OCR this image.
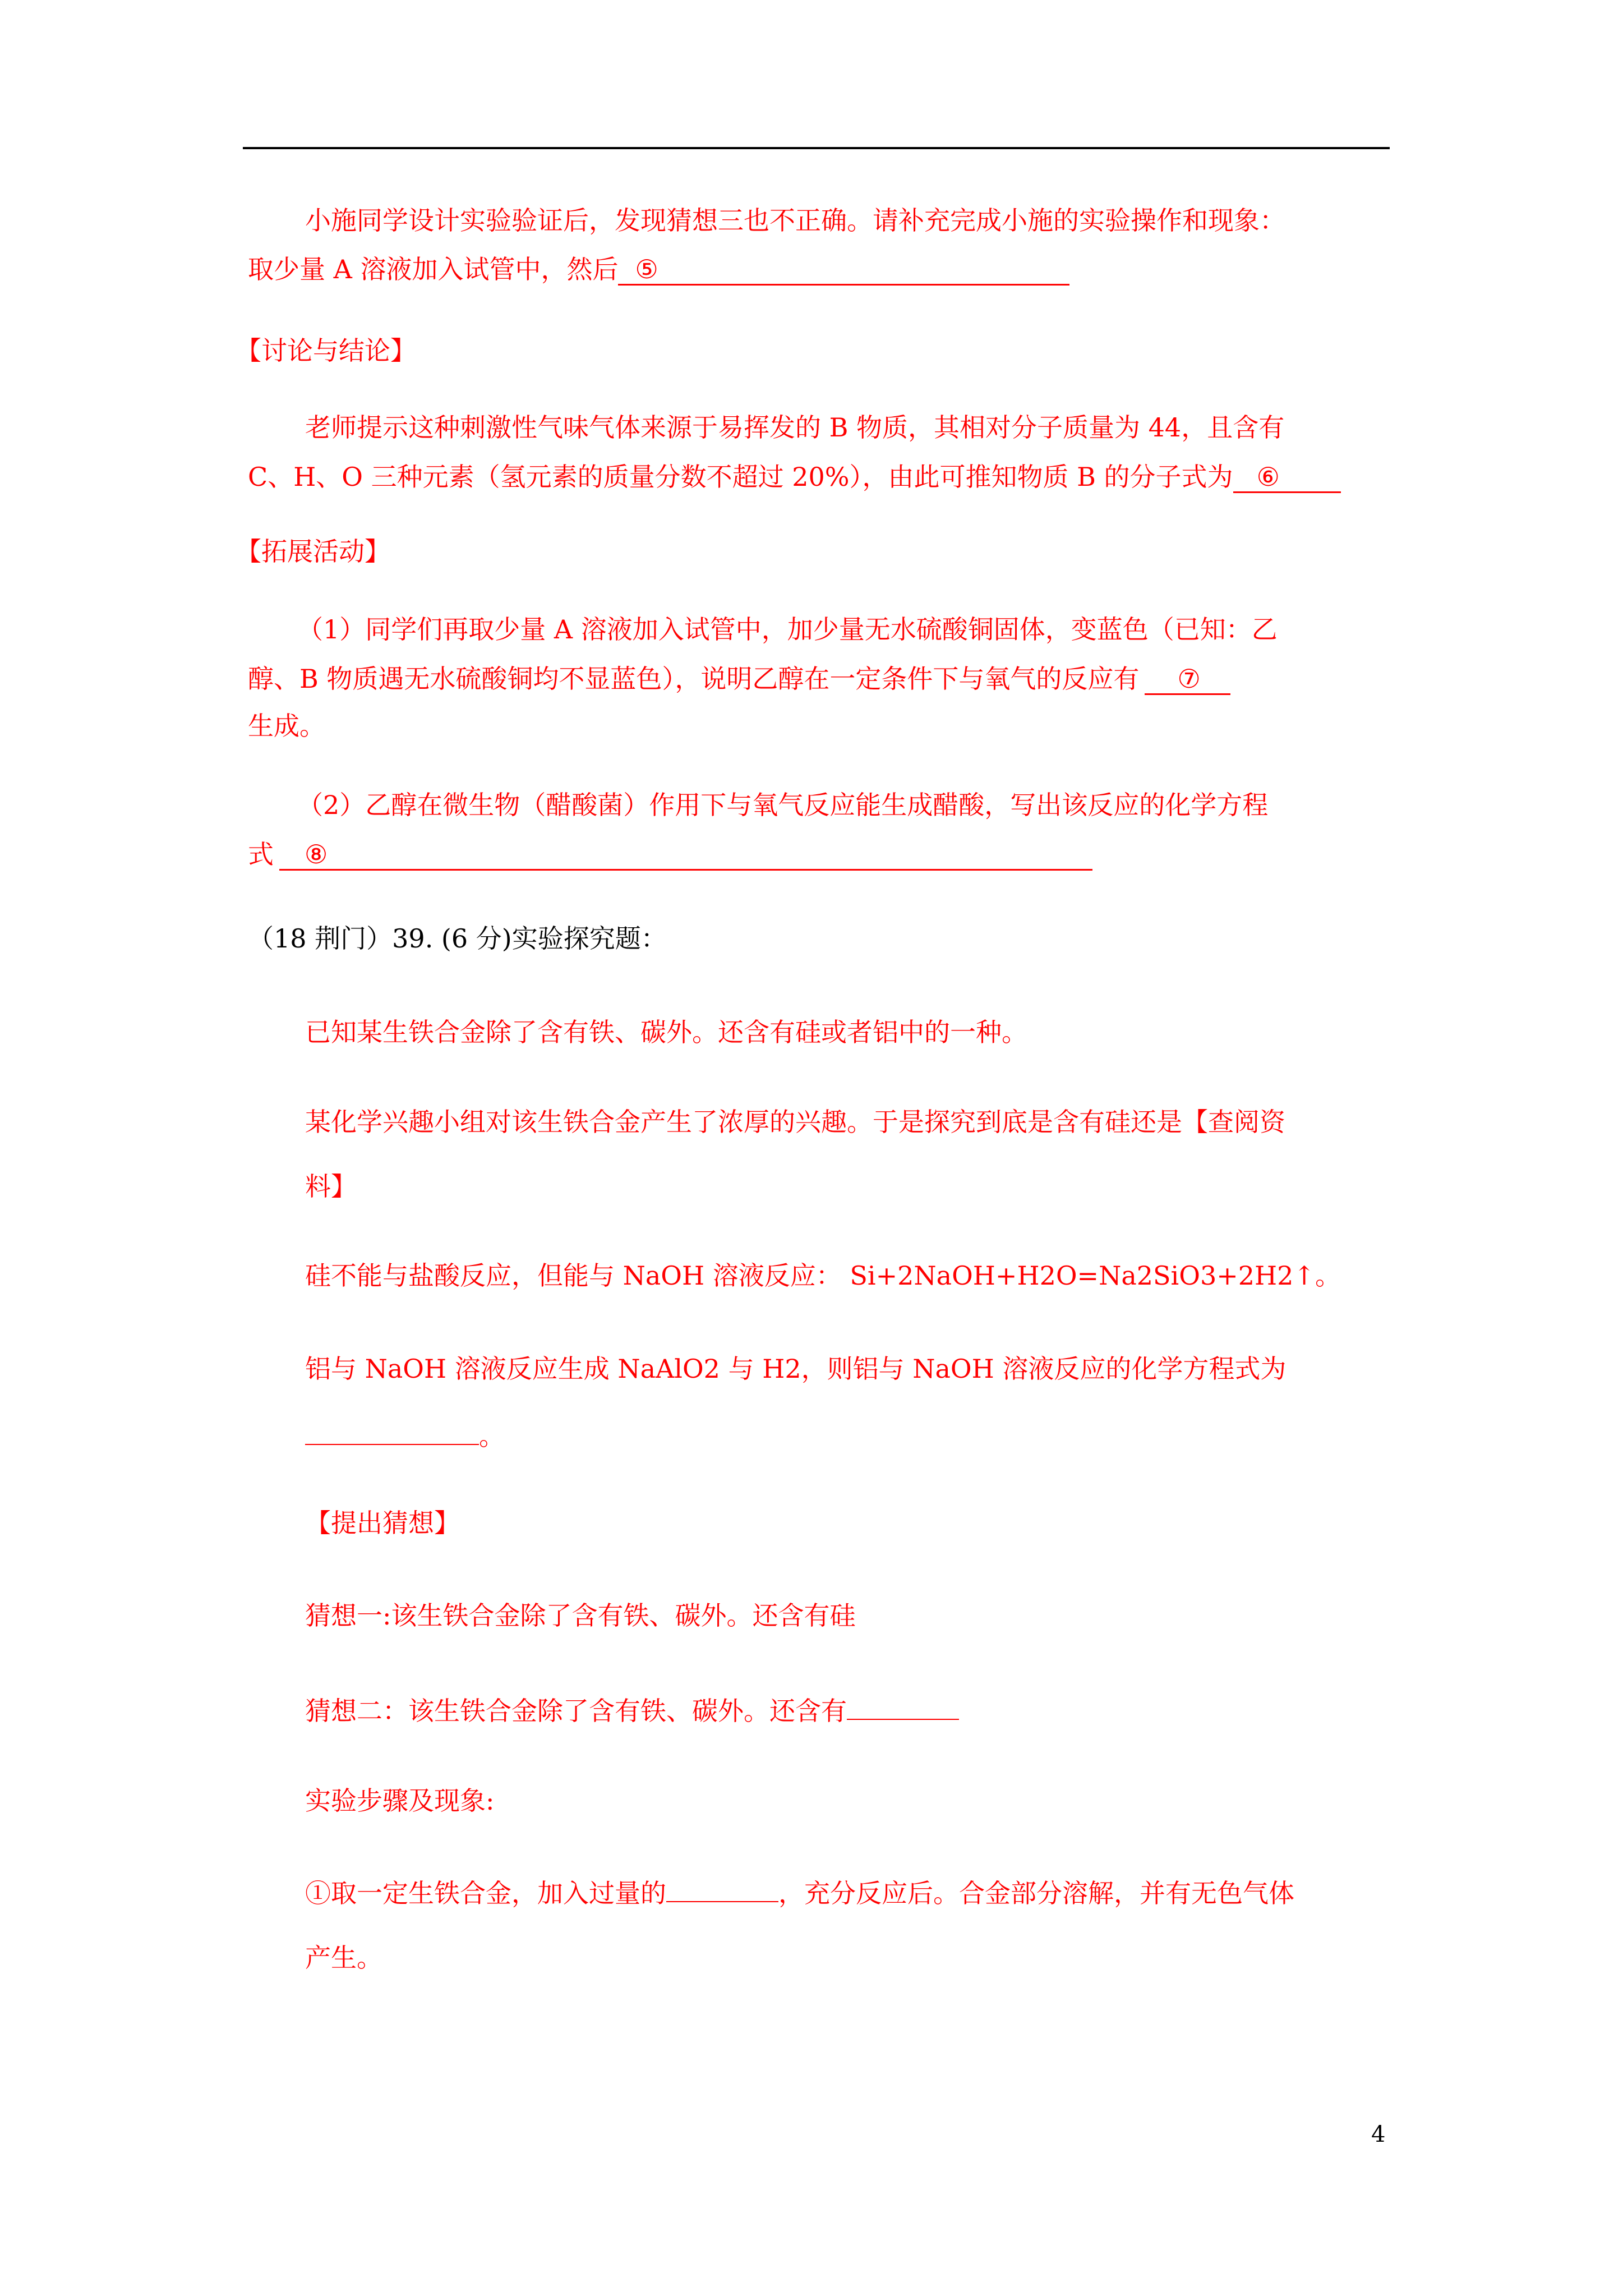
小施同学设计实验验证后，发现猜想三也不正确。请补充完成小施的实验操作和现象：
取少量 A 溶液加入试管中，然后 ⑤
【讨论与结论】
老师提示这种刺激性气味气体来源于易挥发的 B 物质，其相对分子质量为 44，且含有
C、H、O 三种元素（氢元素的质量分数不超过 20%），由此可推知物质 B 的分子式为 ⑥
【拓展活动】
（1）同学们再取少量 A 溶液加入试管中，加少量无水硫酸铜固体，变蓝色（已知：乙
醇、B 物质遇无水硫酸铜均不显蓝色），说明乙醇在一定条件下与氧气的反应有 ⑦
生成。
（2）乙醇在微生物（醋酸菌）作用下与氧气反应能生成醋酸，写出该反应的化学方程
式 ⑧
（18 荆门）39. (6 分)实验探究题：
已知某生铁合金除了含有铁、碳外。还含有硅或者铝中的一种。
某化学兴趣小组对该生铁合金产生了浓厚的兴趣。于是探究到底是含有硅还是【查阅资
料】
硅不能与盐酸反应，但能与 NaOH 溶液反应： Si+2NaOH+H2O=Na2SiO3+2H2↑。
铝与 NaOH 溶液反应生成 NaAlO2 与 H2，则铝与 NaOH 溶液反应的化学方程式为
。
【提出猜想】
猜想一:该生铁合金除了含有铁、碳外。还含有硅
猜想二：该生铁合金除了含有铁、碳外。还含有
实验步骤及现象:
①取一定生铁合金，加入过量的	，充分反应后。合金部分溶解，并有无色气体
产生。
4
